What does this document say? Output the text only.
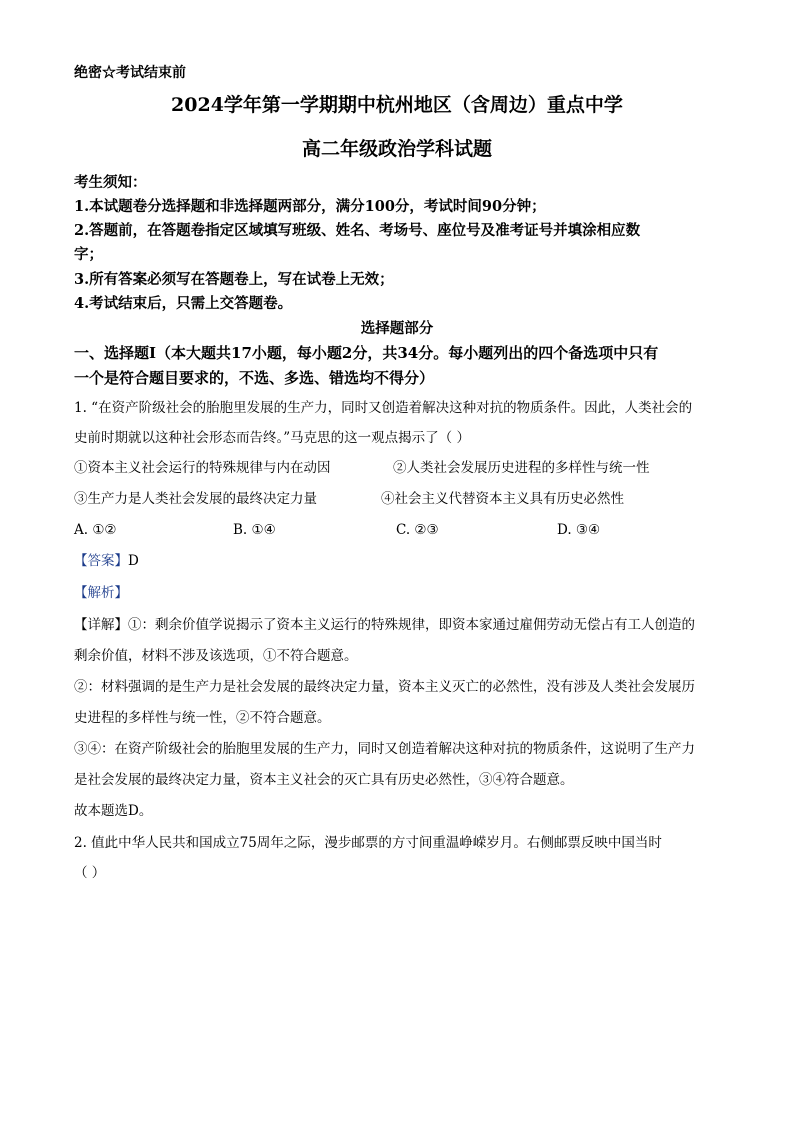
绝密☆考试结束前
2024学年第一学期期中杭州地区（含周边）重点中学
高二年级政治学科试题
考生须知：
1.本试题卷分选择题和非选择题两部分，满分100分，考试时间90分钟；
2.答题前，在答题卷指定区域填写班级、姓名、考场号、座位号及准考证号并填涂相应数
字；
3.所有答案必须写在答题卷上，写在试卷上无效；
4.考试结束后，只需上交答题卷。
选择题部分
一、选择题Ⅰ（本大题共17小题，每小题2分，共34分。每小题列出的四个备选项中只有
一个是符合题目要求的，不选、多选、错选均不得分）
1. “在资产阶级社会的胎胞里发展的生产力，同时又创造着解决这种对抗的物质条件。因此，人类社会的
史前时期就以这种社会形态而告终。”马克思的这一观点揭示了（ ）
①资本主义社会运行的特殊规律与内在动因	②人类社会发展历史进程的多样性与统一性
③生产力是人类社会发展的最终决定力量	④社会主义代替资本主义具有历史必然性
A. ①②	B. ①④	C. ②③	D. ③④
【答案】D
【解析】
【详解】①：剩余价值学说揭示了资本主义运行的特殊规律，即资本家通过雇佣劳动无偿占有工人创造的
剩余价值，材料不涉及该选项，①不符合题意。
②：材料强调的是生产力是社会发展的最终决定力量，资本主义灭亡的必然性，没有涉及人类社会发展历
史进程的多样性与统一性，②不符合题意。
③④：在资产阶级社会的胎胞里发展的生产力，同时又创造着解决这种对抗的物质条件，这说明了生产力
是社会发展的最终决定力量，资本主义社会的灭亡具有历史必然性，③④符合题意。
故本题选D。
2. 值此中华人民共和国成立75周年之际，漫步邮票的方寸间重温峥嵘岁月。右侧邮票反映中国当时
（ ）
